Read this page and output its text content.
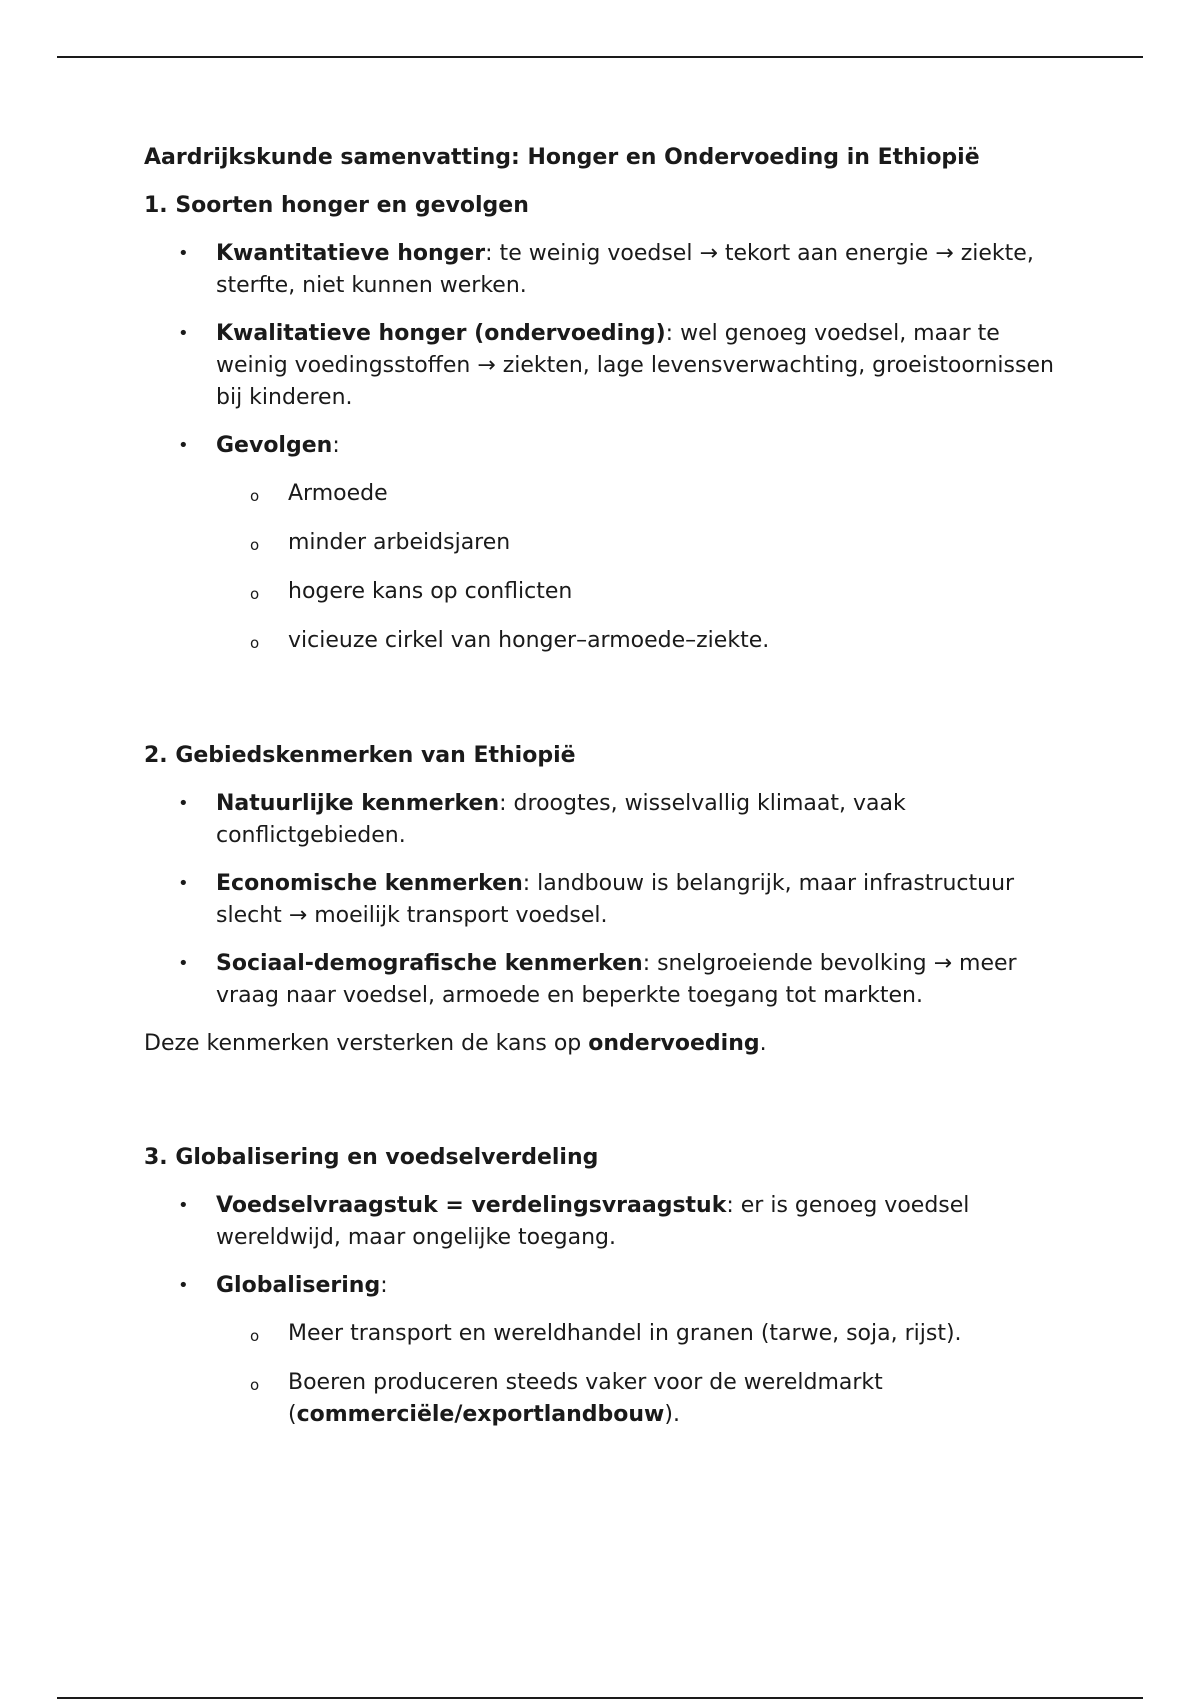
Aardrijkskunde samenvatting: Honger en Ondervoeding in Ethiopië

1. Soorten honger en gevolgen

• Kwantitatieve honger: te weinig voedsel → tekort aan energie → ziekte, sterfte, niet kunnen werken.
• Kwalitatieve honger (ondervoeding): wel genoeg voedsel, maar te weinig voedingsstoffen → ziekten, lage levensverwachting, groeistoornissen bij kinderen.
• Gevolgen:
o Armoede
o minder arbeidsjaren
o hogere kans op conflicten
o vicieuze cirkel van honger–armoede–ziekte.

2. Gebiedskenmerken van Ethiopië

• Natuurlijke kenmerken: droogtes, wisselvallig klimaat, vaak conflictgebieden.
• Economische kenmerken: landbouw is belangrijk, maar infrastructuur slecht → moeilijk transport voedsel.
• Sociaal-demografische kenmerken: snelgroeiende bevolking → meer vraag naar voedsel, armoede en beperkte toegang tot markten.

Deze kenmerken versterken de kans op ondervoeding.

3. Globalisering en voedselverdeling

• Voedselvraagstuk = verdelingsvraagstuk: er is genoeg voedsel wereldwijd, maar ongelijke toegang.
• Globalisering:
o Meer transport en wereldhandel in granen (tarwe, soja, rijst).
o Boeren produceren steeds vaker voor de wereldmarkt (commerciële/exportlandbouw).
